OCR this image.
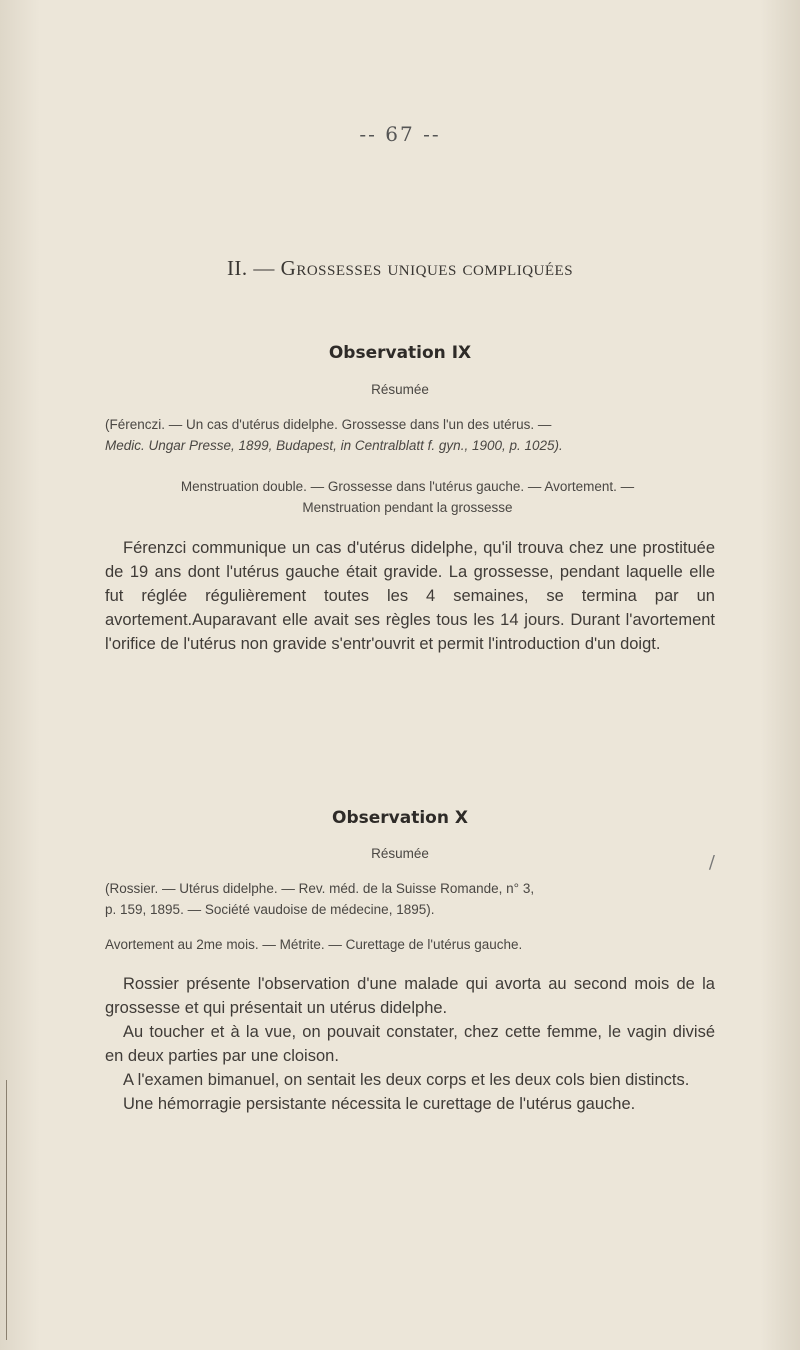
-- 67 --
II. — Grossesses uniques compliquées
Observation IX
Résumée
(Férenczi. — Un cas d'utérus didelphe. Grossesse dans l'un des utérus. —
Medic. Ungar Presse, 1899, Budapest, in Centralblatt f. gyn., 1900, p. 1025).
Menstruation double. — Grossesse dans l'utérus gauche. — Avortement. —
Menstruation pendant la grossesse

Férenzci communique un cas d'utérus didelphe, qu'il trouva chez une prostituée de 19 ans dont l'utérus gauche était gravide. La grossesse, pendant laquelle elle fut réglée régulièrement toutes les 4 semaines, se termina par un avortement.Auparavant elle avait ses règles tous les 14 jours. Durant l'avortement l'orifice de l'utérus non gravide s'entr'ouvrit et permit l'introduction d'un doigt.

Observation X
Résumée
(Rossier. — Utérus didelphe. — Rev. méd. de la Suisse Romande, n° 3,
p. 159, 1895. — Société vaudoise de médecine, 1895).
Avortement au 2me mois. — Métrite. — Curettage de l'utérus gauche.

Rossier présente l'observation d'une malade qui avorta au second mois de la grossesse et qui présentait un utérus didelphe.

Au toucher et à la vue, on pouvait constater, chez cette femme, le vagin divisé en deux parties par une cloison.

A l'examen bimanuel, on sentait les deux corps et les deux cols bien distincts.

Une hémorragie persistante nécessita le curettage de l'utérus gauche.

/
